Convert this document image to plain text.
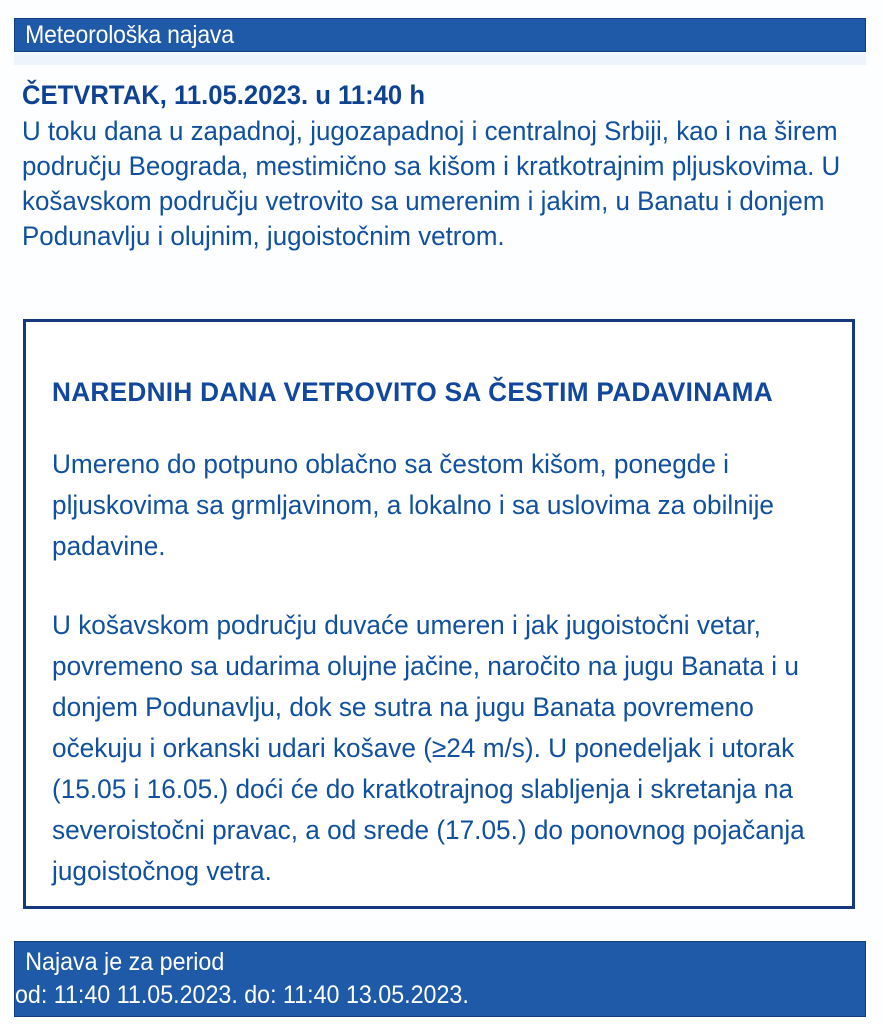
Meteorološka najava
ČETVRTAK, 11.05.2023. u 11:40 h
U toku dana u zapadnoj, jugozapadnoj i centralnoj Srbiji, kao i na širem području Beograda, mestimično sa kišom i kratkotrajnim pljuskovima. U košavskom području vetrovito sa umerenim i jakim, u Banatu i donjem Podunavlju i olujnim, jugoistočnim vetrom.
NAREDNIH DANA VETROVITO SA ČESTIM PADAVINAMA
Umereno do potpuno oblačno sa čestom kišom, ponegde i pljuskovima sa grmljavinom, a lokalno i sa uslovima za obilnije padavine.
U košavskom području duvaće umeren i jak jugoistočni vetar, povremeno sa udarima olujne jačine, naročito na jugu Banata i u donjem Podunavlju, dok se sutra na jugu Banata povremeno očekuju i orkanski udari košave (≥24 m/s). U ponedeljak i utorak (15.05 i 16.05.) doći će do kratkotrajnog slabljenja i skretanja na severoistočni pravac, a od srede (17.05.) do ponovnog pojačanja jugoistočnog vetra.
Najava je za period
od: 11:40 11.05.2023. do: 11:40 13.05.2023.
